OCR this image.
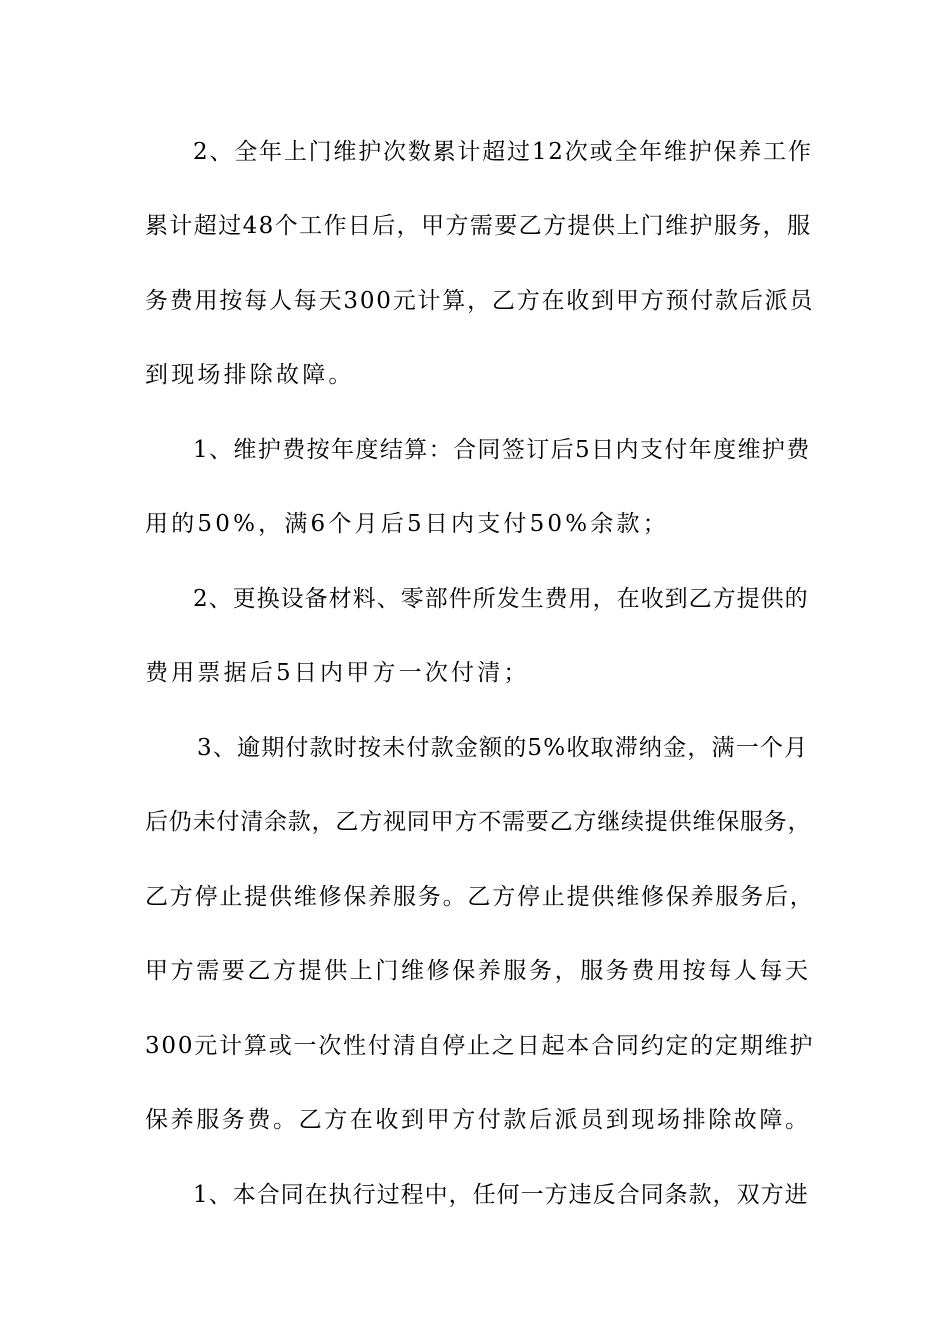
2、全年上门维护次数累计超过12次或全年维护保养工作
累计超过48个工作日后，甲方需要乙方提供上门维护服务，服
务费用按每人每天300元计算，乙方在收到甲方预付款后派员
到现场排除故障。
1、维护费按年度结算：合同签订后5日内支付年度维护费
用的50%，满6个月后5日内支付50%余款；
2、更换设备材料、零部件所发生费用，在收到乙方提供的
费用票据后5日内甲方一次付清；
3、逾期付款时按未付款金额的5%收取滞纳金，满一个月
后仍未付清余款，乙方视同甲方不需要乙方继续提供维保服务，
乙方停止提供维修保养服务。乙方停止提供维修保养服务后，
甲方需要乙方提供上门维修保养服务，服务费用按每人每天
300元计算或一次性付清自停止之日起本合同约定的定期维护
保养服务费。乙方在收到甲方付款后派员到现场排除故障。
1、本合同在执行过程中，任何一方违反合同条款，双方进
